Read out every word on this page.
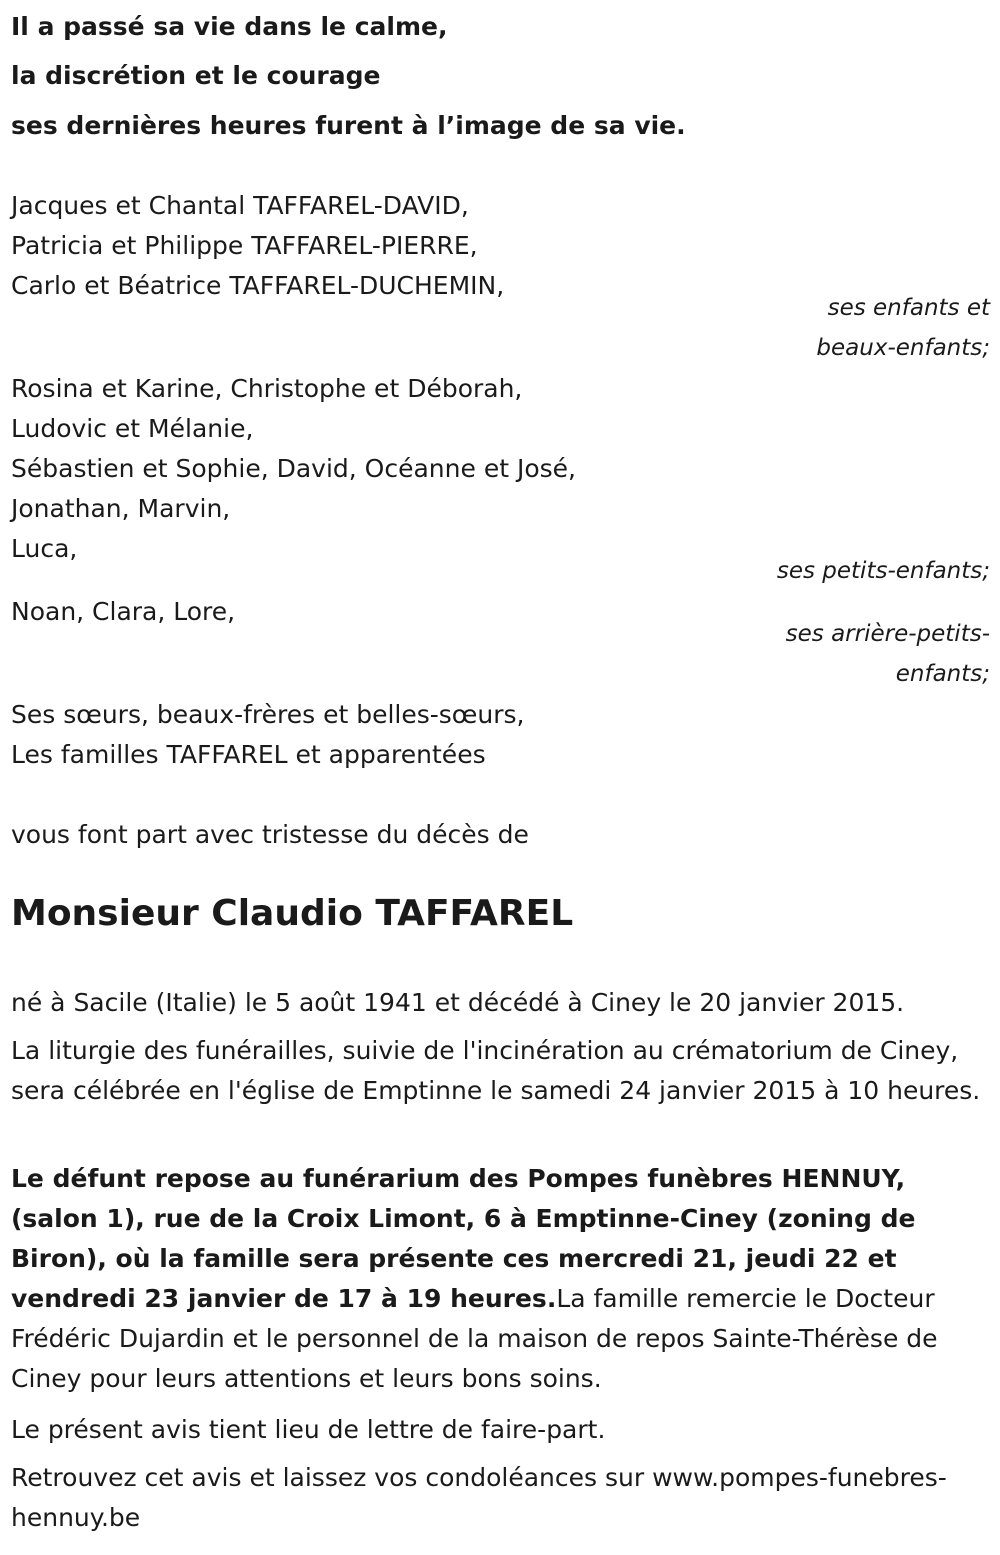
Il a passé sa vie dans le calme,
la discrétion et le courage
ses dernières heures furent à l’image de sa vie.
Jacques et Chantal TAFFAREL-DAVID,
Patricia et Philippe TAFFAREL-PIERRE,
Carlo et Béatrice TAFFAREL-DUCHEMIN,
ses enfants et
beaux-enfants;
Rosina et Karine, Christophe et Déborah,
Ludovic et Mélanie,
Sébastien et Sophie, David, Océanne et José,
Jonathan, Marvin,
Luca,
ses petits-enfants;
Noan, Clara, Lore,
ses arrière-petits-
enfants;
Ses sœurs, beaux-frères et belles-sœurs,
Les familles TAFFAREL et apparentées
vous font part avec tristesse du décès de
Monsieur Claudio TAFFAREL
né à Sacile (Italie) le 5 août 1941 et décédé à Ciney le 20 janvier 2015.
La liturgie des funérailles, suivie de l'incinération au crématorium de Ciney, sera célébrée en l'église de Emptinne le samedi 24 janvier 2015 à 10 heures.
Le défunt repose au funérarium des Pompes funèbres HENNUY, (salon 1), rue de la Croix Limont, 6 à Emptinne-Ciney (zoning de Biron), où la famille sera présente ces mercredi 21, jeudi 22 et vendredi 23 janvier de 17 à 19 heures.La famille remercie le Docteur Frédéric Dujardin et le personnel de la maison de repos Sainte-Thérèse de Ciney pour leurs attentions et leurs bons soins.
Le présent avis tient lieu de lettre de faire-part.
Retrouvez cet avis et laissez vos condoléances sur www.pompes-funebres-hennuy.be
